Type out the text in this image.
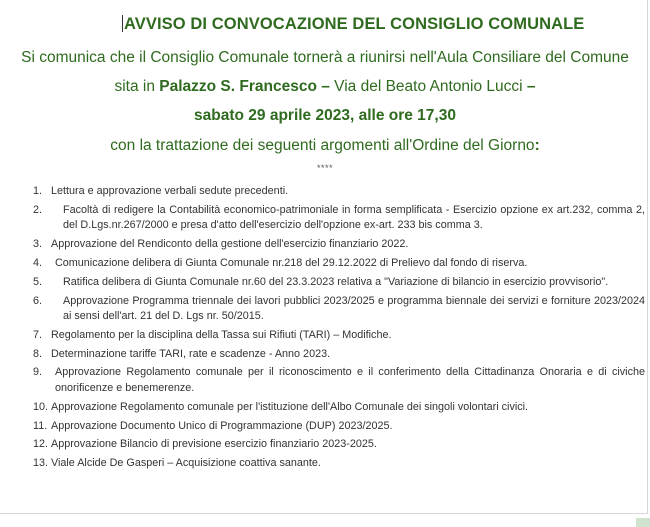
AVVISO DI CONVOCAZIONE DEL CONSIGLIO COMUNALE
Si comunica che il Consiglio Comunale tornerà a riunirsi nell'Aula Consiliare del Comune
sita in Palazzo S. Francesco – Via del Beato Antonio Lucci –
sabato 29 aprile 2023, alle ore 17,30
con la trattazione dei seguenti argomenti all'Ordine del Giorno:
****
1. Lettura e approvazione verbali sedute precedenti.
2.	Facoltà di redigere la Contabilità economico-patrimoniale in forma semplificata - Esercizio opzione ex art.232, comma 2, del D.Lgs.nr.267/2000 e presa d'atto dell'esercizio dell'opzione ex-art. 233 bis comma 3.
3. Approvazione del Rendiconto della gestione dell'esercizio finanziario 2022.
4.	Comunicazione delibera di Giunta Comunale nr.218 del 29.12.2022 di Prelievo dal fondo di riserva.
5.	Ratifica delibera di Giunta Comunale nr.60 del 23.3.2023 relativa a "Variazione di bilancio in esercizio provvisorio".
6.	Approvazione Programma triennale dei lavori pubblici 2023/2025 e programma biennale dei servizi e forniture 2023/2024 ai sensi dell'art. 21 del D. Lgs nr. 50/2015.
7. Regolamento per la disciplina della Tassa sui Rifiuti (TARI) – Modifiche.
8. Determinazione tariffe TARI, rate e scadenze - Anno 2023.
9.	Approvazione Regolamento comunale per il riconoscimento e il conferimento della Cittadinanza Onoraria e di civiche onorificenze e benemerenze.
10. Approvazione Regolamento comunale per l'istituzione dell'Albo Comunale dei singoli volontari civici.
11. Approvazione Documento Unico di Programmazione (DUP) 2023/2025.
12. Approvazione Bilancio di previsione esercizio finanziario 2023-2025.
13. Viale Alcide De Gasperi – Acquisizione coattiva sanante.
